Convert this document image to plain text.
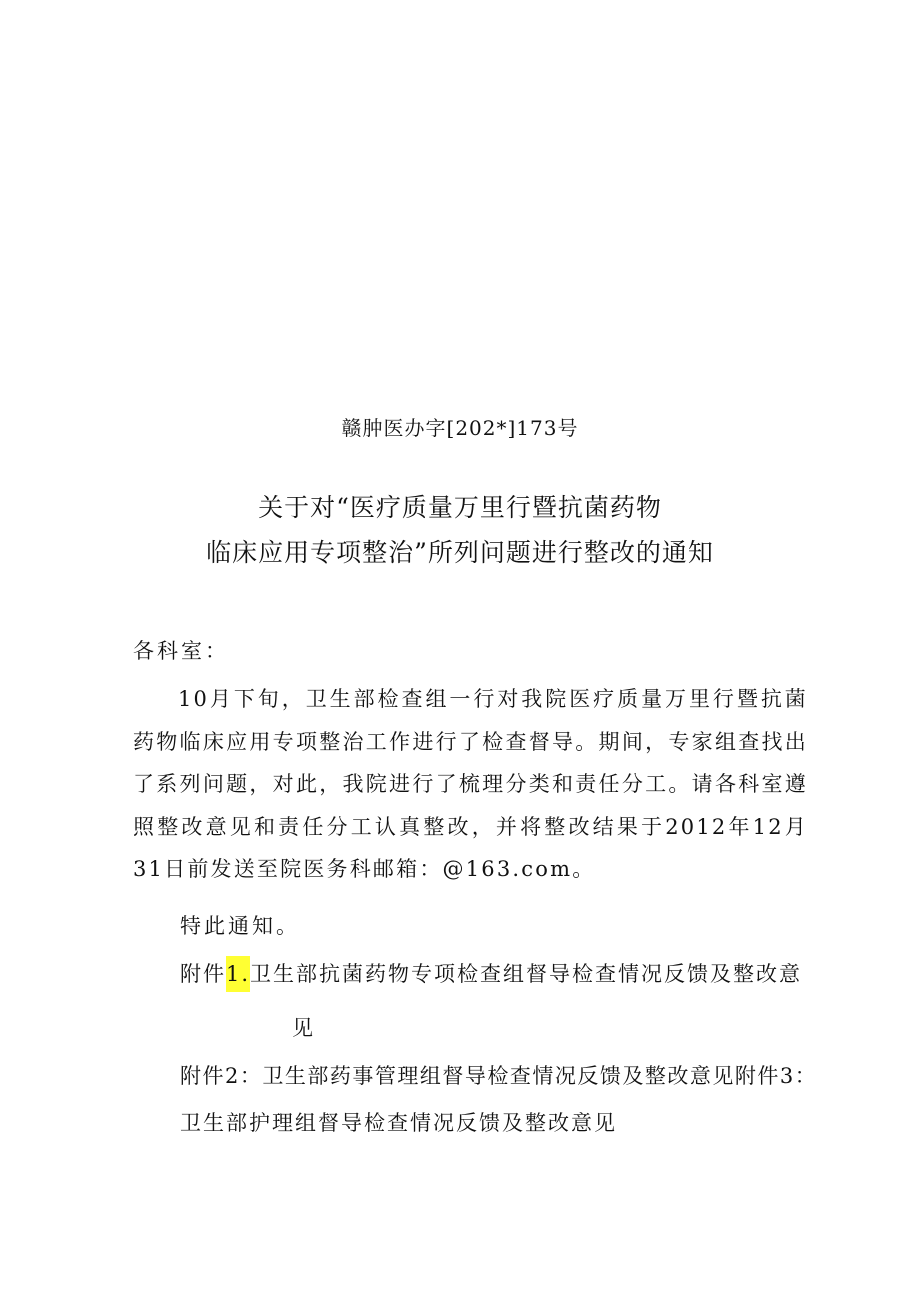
赣肿医办字[202*]173号
关于对“医疗质量万里行暨抗菌药物
临床应用专项整治”所列问题进行整改的通知
各科室：

10月下旬，卫生部检查组一行对我院医疗质量万里行暨抗菌药物临床应用专项整治工作进行了检查督导。期间，专家组查找出了系列问题，对此，我院进行了梳理分类和责任分工。请各科室遵照整改意见和责任分工认真整改，并将整改结果于2012年12月31日前发送至院医务科邮箱：@163.com。

特此通知。
附件1.卫生部抗菌药物专项检查组督导检查情况反馈及整改意
见
附件2：卫生部药事管理组督导检查情况反馈及整改意见附件3：
卫生部护理组督导检查情况反馈及整改意见
